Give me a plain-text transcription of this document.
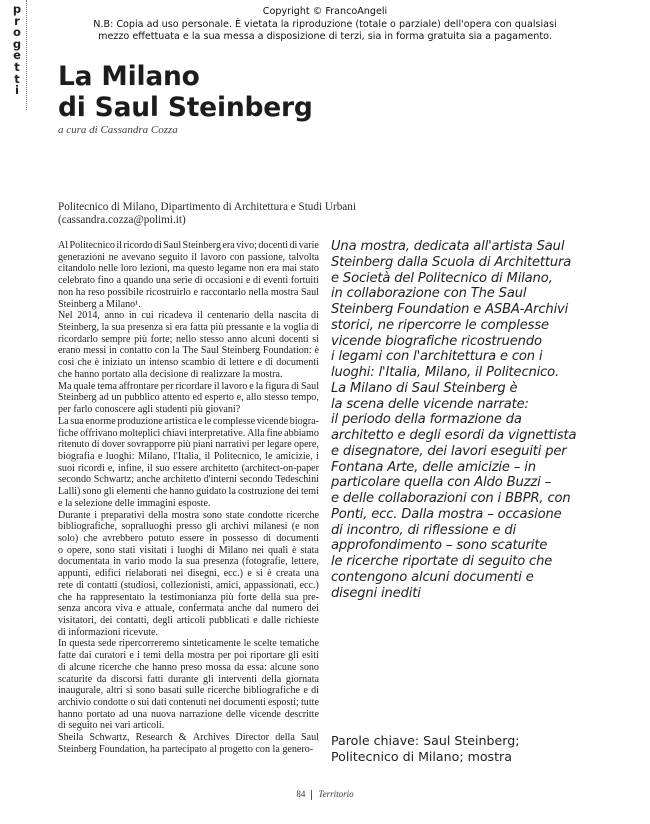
Copyright © FrancoAngeli
N.B: Copia ad uso personale. È vietata la riproduzione (totale o parziale) dell'opera con qualsiasi
mezzo effettuata e la sua messa a disposizione di terzi, sia in forma gratuita sia a pagamento.
p
r
o
g
e
t
t
i La Milano
di Saul Steinberg
a cura di Cassandra Cozza
Politecnico di Milano, Dipartimento di Architettura e Studi Urbani
(cassandra.cozza@polimi.it)
Al Politecnico il ricordo di Saul Steinberg era vivo; docenti di varie
generazioni ne avevano seguito il lavoro con passione, talvolta
citandolo nelle loro lezioni, ma questo legame non era mai stato
celebrato fino a quando una serie di occasioni e di eventi fortuiti
non ha reso possibile ricostruirlo e raccontarlo nella mostra Saul
Steinberg a Milano¹.
Nel 2014, anno in cui ricadeva il centenario della nascita di
Steinberg, la sua presenza si era fatta più pressante e la voglia di
ricordarlo sempre più forte; nello stesso anno alcuni docenti si
erano messi in contatto con la The Saul Steinberg Foundation: è
così che è iniziato un intenso scambio di lettere e di documenti
che hanno portato alla decisione di realizzare la mostra.
Ma quale tema affrontare per ricordare il lavoro e la figura di Saul
Steinberg ad un pubblico attento ed esperto e, allo stesso tempo,
per farlo conoscere agli studenti più giovani?
La sua enorme produzione artistica e le complesse vicende biogra-
fiche offrivano molteplici chiavi interpretative. Alla fine abbiamo
ritenuto di dover sovrapporre più piani narrativi per legare opere,
biografia e luoghi: Milano, l'Italia, il Politecnico, le amicizie, i
suoi ricordi e, infine, il suo essere architetto (architect-on-paper
secondo Schwartz; anche architetto d'interni secondo Tedeschini
Lalli) sono gli elementi che hanno guidato la costruzione dei temi
e la selezione delle immagini esposte.
Durante i preparativi della mostra sono state condotte ricerche
bibliografiche, sopralluoghi presso gli archivi milanesi (e non
solo) che avrebbero potuto essere in possesso di documenti
o opere, sono stati visitati i luoghi di Milano nei quali è stata
documentata in vario modo la sua presenza (fotografie, lettere,
appunti, edifici rielaborati nei disegni, ecc.) e si è creata una
rete di contatti (studiosi, collezionisti, amici, appassionati, ecc.)
che ha rappresentato la testimonianza più forte della sua pre-
senza ancora viva e attuale, confermata anche dal numero dei
visitatori, dei contatti, degli articoli pubblicati e dalle richieste
di informazioni ricevute.
In questa sede ripercorreremo sinteticamente le scelte tematiche
fatte dai curatori e i temi della mostra per poi riportare gli esiti
di alcune ricerche che hanno preso mossa da essa: alcune sono
scaturite da discorsi fatti durante gli interventi della giornata
inaugurale, altri si sono basati sulle ricerche bibliografiche e di
archivio condotte o sui dati contenuti nei documenti esposti; tutte
hanno portato ad una nuova narrazione delle vicende descritte
di seguito nei vari articoli.
Sheila Schwartz, Research & Archives Director della Saul
Steinberg Foundation, ha partecipato al progetto con la genero-
Una mostra, dedicata all'artista Saul
Steinberg dalla Scuola di Architettura
e Società del Politecnico di Milano,
in collaborazione con The Saul
Steinberg Foundation e ASBA-Archivi
storici, ne ripercorre le complesse
vicende biografiche ricostruendo
i legami con l'architettura e con i
luoghi: l'Italia, Milano, il Politecnico.
La Milano di Saul Steinberg è
la scena delle vicende narrate:
il periodo della formazione da
architetto e degli esordi da vignettista
e disegnatore, dei lavori eseguiti per
Fontana Arte, delle amicizie – in
particolare quella con Aldo Buzzi –
e delle collaborazioni con i BBPR, con
Ponti, ecc. Dalla mostra – occasione
di incontro, di riflessione e di
approfondimento – sono scaturite
le ricerche riportate di seguito che
contengono alcuni documenti e
disegni inediti
Parole chiave: Saul Steinberg;
Politecnico di Milano; mostra
84 Territorio
